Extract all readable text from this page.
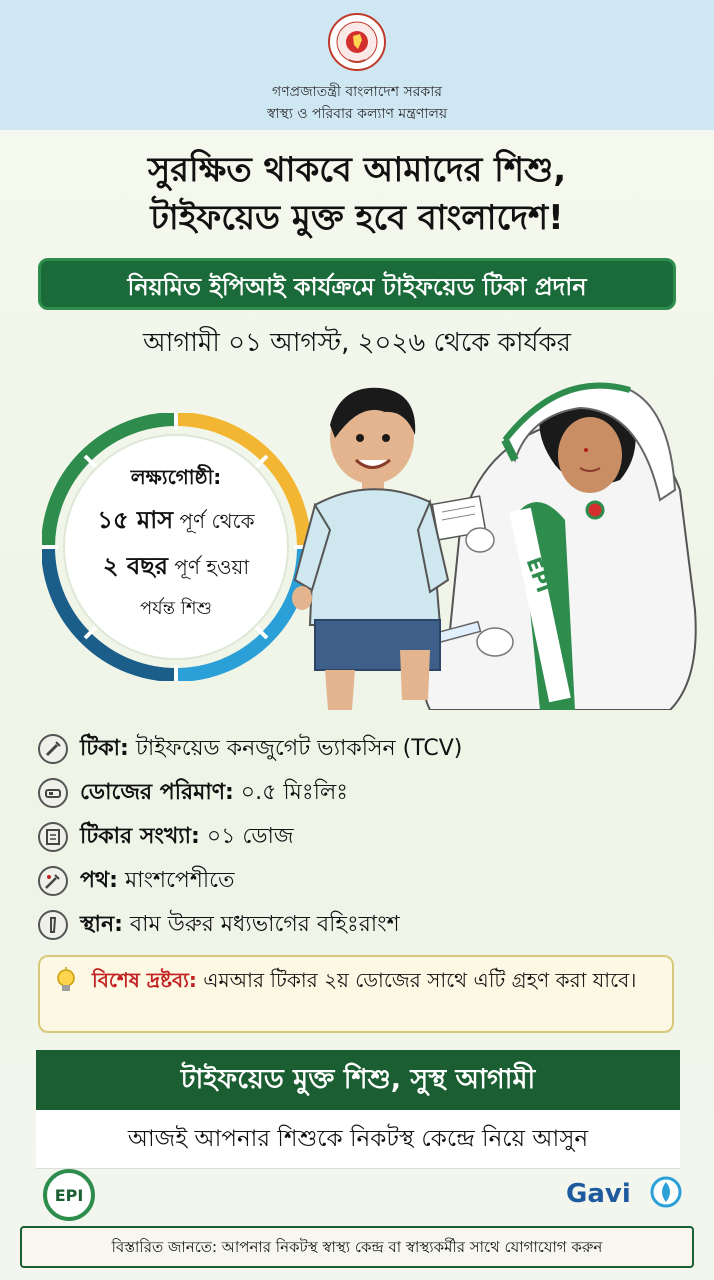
গণপ্রজাতন্ত্রী বাংলাদেশ সরকার
স্বাস্থ্য ও পরিবার কল্যাণ মন্ত্রণালয়
সুরক্ষিত থাকবে আমাদের শিশু,
টাইফয়েড মুক্ত হবে বাংলাদেশ!
নিয়মিত ইপিআই কার্যক্রমে টাইফয়েড টিকা প্রদান
আগামী ০১ আগস্ট, ২০২৬ থেকে কার্যকর
লক্ষ্যগোষ্ঠী:
১৫ মাস পূর্ণ থেকে
২ বছর পূর্ণ হওয়া
পর্যন্ত শিশু
EPI
টিকা: টাইফয়েড কনজুগেট ভ্যাকসিন (TCV)
ডোজের পরিমাণ: ০.৫ মিঃলিঃ
টিকার সংখ্যা: ০১ ডোজ
পথ: মাংশপেশীতে
স্থান: বাম উরুর মধ্যভাগের বহিঃরাংশ
বিশেষ দ্রষ্টব্য: এমআর টিকার ২য় ডোজের সাথে এটি গ্রহণ করা যাবে।
টাইফয়েড মুক্ত শিশু, সুস্থ আগামী
আজই আপনার শিশুকে নিকটস্থ কেন্দ্রে নিয়ে আসুন
EPI	Gavi
বিস্তারিত জানতে: আপনার নিকটস্থ স্বাস্থ্য কেন্দ্র বা স্বাস্থ্যকর্মীর সাথে যোগাযোগ করুন
